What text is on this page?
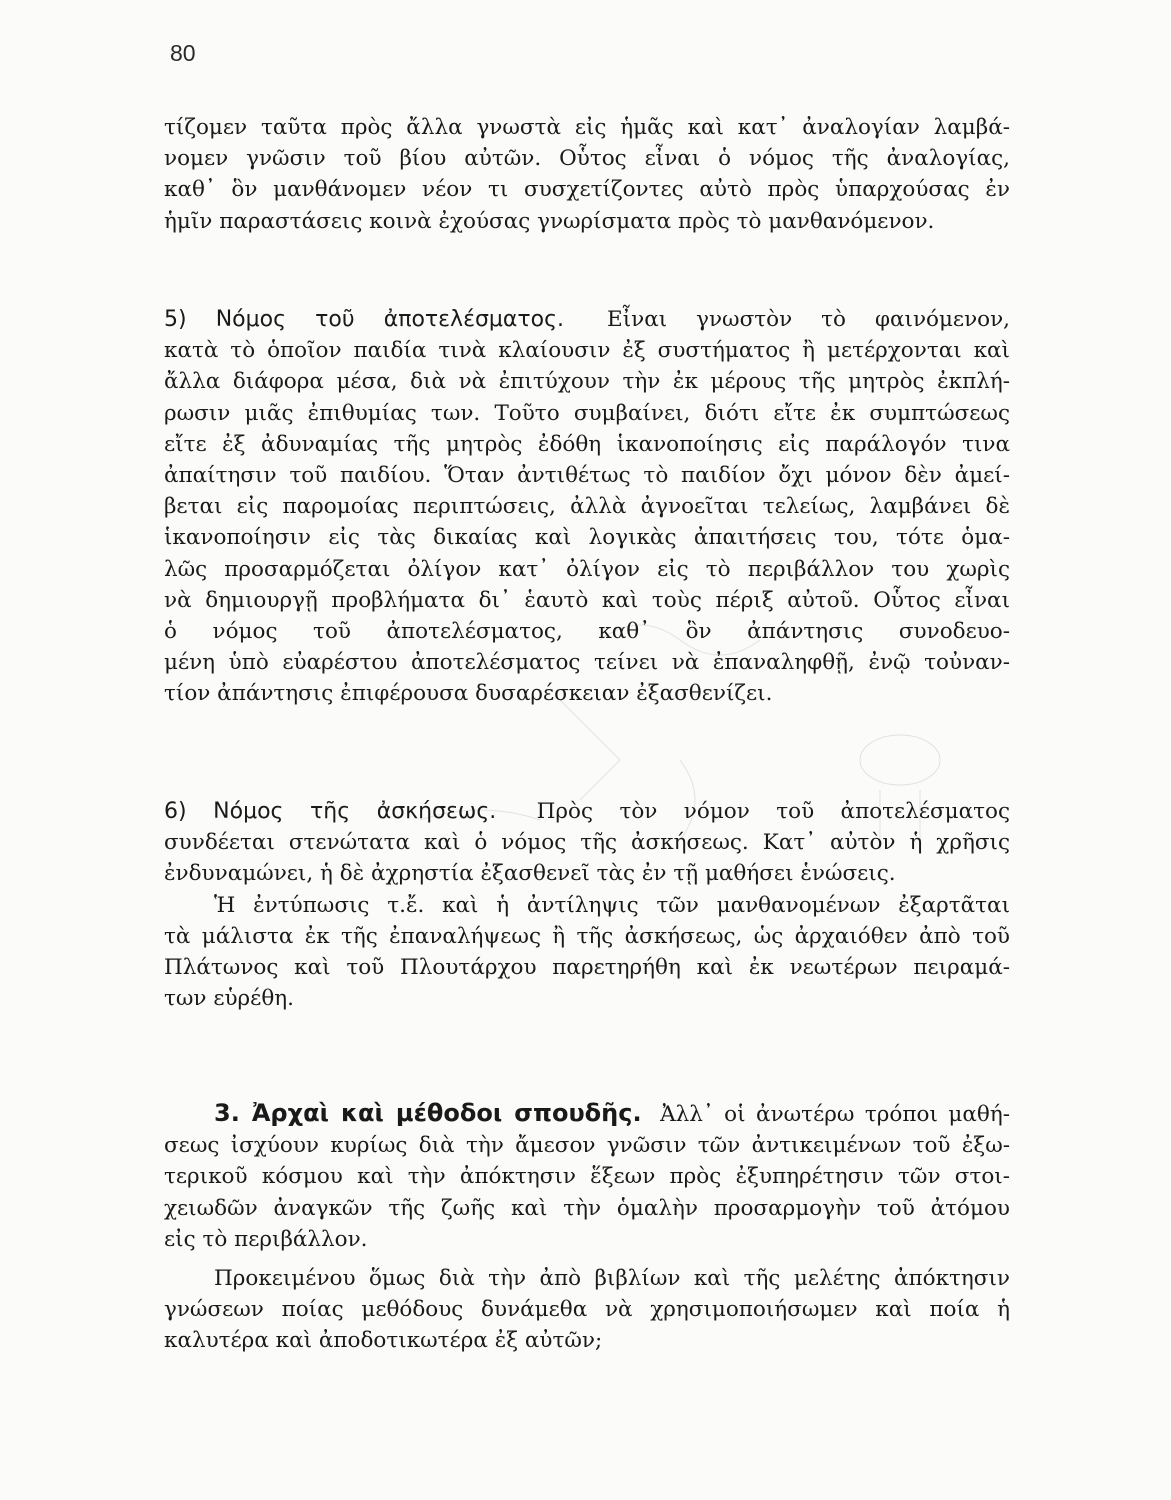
80
τίζομεν ταῦτα πρὸς ἄλλα γνωστὰ εἰς ἡμᾶς καὶ κατ᾽ ἀναλογίαν λαμβά-
νομεν γνῶσιν τοῦ βίου αὐτῶν. Οὗτος εἶναι ὁ νόμος τῆς ἀναλογίας,
καθ᾽ ὃν μανθάνομεν νέον τι συσχετίζοντες αὐτὸ πρὸς ὑπαρχούσας ἐν
ἡμῖν παραστάσεις κοινὰ ἐχούσας γνωρίσματα πρὸς τὸ μανθανόμενον.
5) Νόμος τοῦ ἀποτελέσματος. Εἶναι γνωστὸν τὸ φαινόμενον,
κατὰ τὸ ὁποῖον παιδία τινὰ κλαίουσιν ἐξ συστήματος ἢ μετέρχονται καὶ
ἄλλα διάφορα μέσα, διὰ νὰ ἐπιτύχουν τὴν ἐκ μέρους τῆς μητρὸς ἐκπλή-
ρωσιν μιᾶς ἐπιθυμίας των. Τοῦτο συμβαίνει, διότι εἴτε ἐκ συμπτώσεως
εἴτε ἐξ ἀδυναμίας τῆς μητρὸς ἐδόθη ἱκανοποίησις εἰς παράλογόν τινα
ἀπαίτησιν τοῦ παιδίου. Ὅταν ἀντιθέτως τὸ παιδίον ὄχι μόνον δὲν ἀμεί-
βεται εἰς παρομοίας περιπτώσεις, ἀλλὰ ἀγνοεῖται τελείως, λαμβάνει δὲ
ἱκανοποίησιν εἰς τὰς δικαίας καὶ λογικὰς ἀπαιτήσεις του, τότε ὁμα-
λῶς προσαρμόζεται ὀλίγον κατ᾽ ὀλίγον εἰς τὸ περιβάλλον του χωρὶς
νὰ δημιουργῇ προβλήματα δι᾽ ἑαυτὸ καὶ τοὺς πέριξ αὐτοῦ. Οὗτος εἶναι
ὁ νόμος τοῦ ἀποτελέσματος, καθ᾽ ὃν ἀπάντησις συνοδευο-
μένη ὑπὸ εὐαρέστου ἀποτελέσματος τείνει νὰ ἐπαναληφθῇ, ἐνῷ τοὐναν-
τίον ἀπάντησις ἐπιφέρουσα δυσαρέσκειαν ἐξασθενίζει.
6) Νόμος τῆς ἀσκήσεως. Πρὸς τὸν νόμον τοῦ ἀποτελέσματος
συνδέεται στενώτατα καὶ ὁ νόμος τῆς ἀσκήσεως. Κατ᾽ αὐτὸν ἡ χρῆσις
ἐνδυναμώνει, ἡ δὲ ἀχρηστία ἐξασθενεῖ τὰς ἐν τῇ μαθήσει ἑνώσεις.
Ἡ ἐντύπωσις τ.ἔ. καὶ ἡ ἀντίληψις τῶν μανθανομένων ἐξαρτᾶται
τὰ μάλιστα ἐκ τῆς ἐπαναλήψεως ἢ τῆς ἀσκήσεως, ὡς ἀρχαιόθεν ἀπὸ τοῦ
Πλάτωνος καὶ τοῦ Πλουτάρχου παρετηρήθη καὶ ἐκ νεωτέρων πειραμά-
των εὑρέθη.
3. Ἀρχαὶ καὶ μέθοδοι σπουδῆς. Ἀλλ᾽ οἱ ἀνωτέρω τρόποι μαθή-
σεως ἰσχύουν κυρίως διὰ τὴν ἄμεσον γνῶσιν τῶν ἀντικειμένων τοῦ ἐξω-
τερικοῦ κόσμου καὶ τὴν ἀπόκτησιν ἕξεων πρὸς ἐξυπηρέτησιν τῶν στοι-
χειωδῶν ἀναγκῶν τῆς ζωῆς καὶ τὴν ὁμαλὴν προσαρμογὴν τοῦ ἀτόμου
εἰς τὸ περιβάλλον.
Προκειμένου ὅμως διὰ τὴν ἀπὸ βιβλίων καὶ τῆς μελέτης ἀπόκτησιν
γνώσεων ποίας μεθόδους δυνάμεθα νὰ χρησιμοποιήσωμεν καὶ ποία ἡ
καλυτέρα καὶ ἀποδοτικωτέρα ἐξ αὐτῶν;
